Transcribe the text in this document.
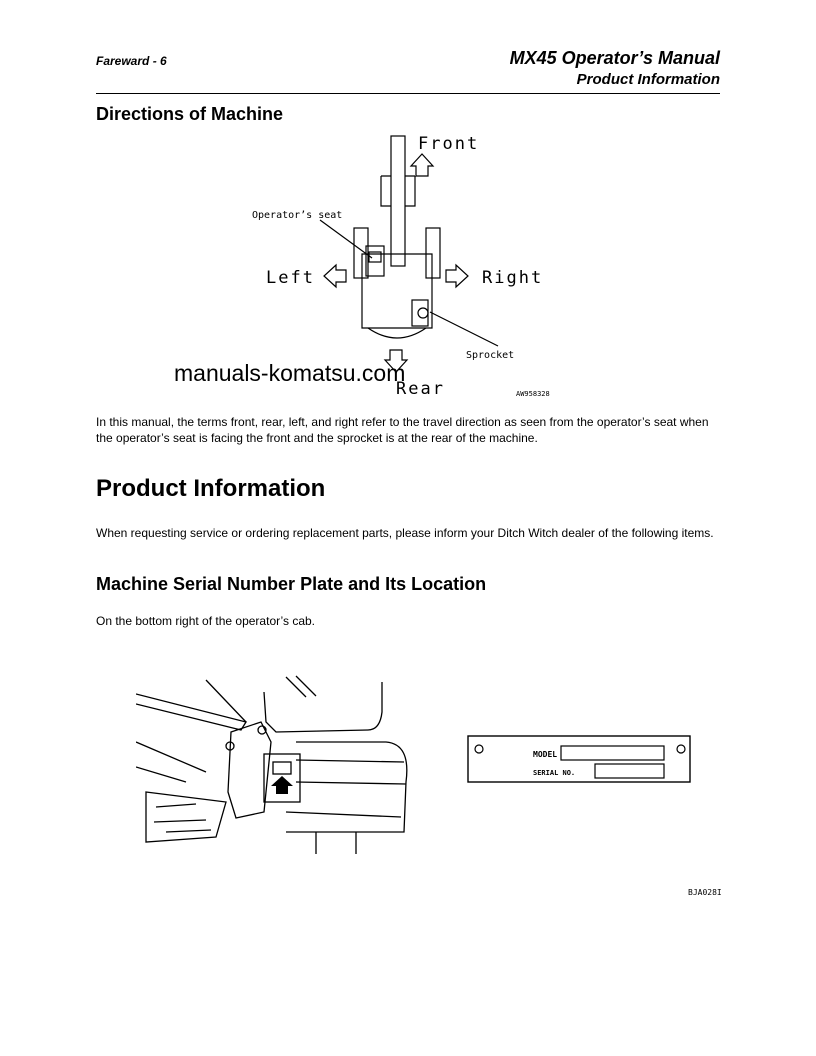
Fareward - 6	MX45 Operator’s Manual
Product Information
Directions of Machine
Front
Rear
Left	Right
Operator’s seat
Sprocket
AW958328
manuals-komatsu.com
In this manual, the terms front, rear, left, and right refer to the travel direction as seen from the operator’s seat when the operator’s seat is facing the front and the sprocket is at the rear of the machine.
Product Information
When requesting service or ordering replacement parts, please inform your Ditch Witch dealer of the following items.
Machine Serial Number Plate and Its Location
On the bottom right of the operator’s cab.
MODEL
SERIAL NO.
BJA028I
